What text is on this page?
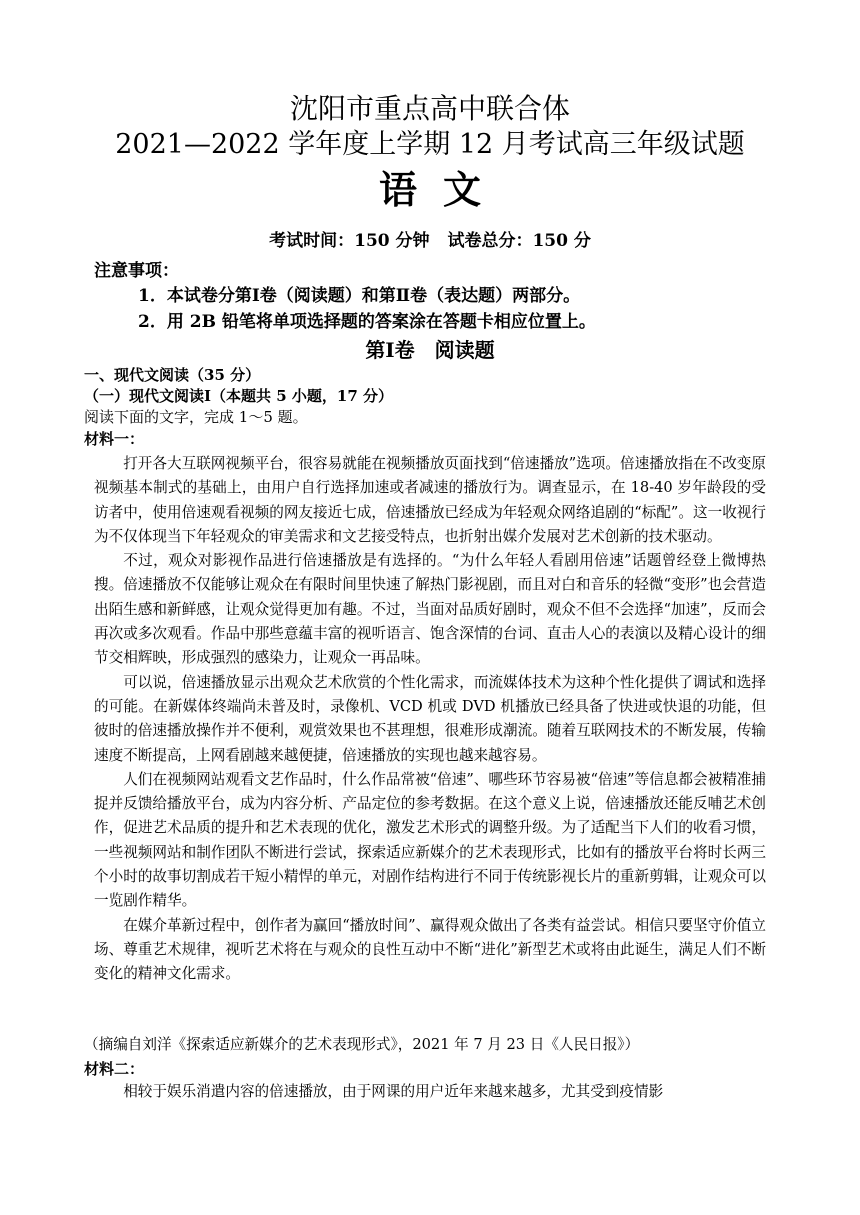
沈阳市重点高中联合体
2021—2022 学年度上学期 12 月考试高三年级试题
语文
考试时间：150 分钟 试卷总分：150 分
注意事项：
1．本试卷分第Ⅰ卷（阅读题）和第Ⅱ卷（表达题）两部分。
2．用 2B 铅笔将单项选择题的答案涂在答题卡相应位置上。
第Ⅰ卷　阅读题
一、现代文阅读（35 分）
（一）现代文阅读Ⅰ（本题共 5 小题，17 分）
阅读下面的文字，完成 1～5 题。
材料一：

打开各大互联网视频平台，很容易就能在视频播放页面找到“倍速播放”选项。倍速播放指在不改变原视频基本制式的基础上，由用户自行选择加速或者减速的播放行为。调查显示，在 18-40 岁年龄段的受访者中，使用倍速观看视频的网友接近七成，倍速播放已经成为年轻观众网络追剧的“标配”。这一收视行为不仅体现当下年轻观众的审美需求和文艺接受特点，也折射出媒介发展对艺术创新的技术驱动。

不过，观众对影视作品进行倍速播放是有选择的。“为什么年轻人看剧用倍速”话题曾经登上微博热搜。倍速播放不仅能够让观众在有限时间里快速了解热门影视剧，而且对白和音乐的轻微“变形”也会营造出陌生感和新鲜感，让观众觉得更加有趣。不过，当面对品质好剧时，观众不但不会选择“加速”，反而会再次或多次观看。作品中那些意蕴丰富的视听语言、饱含深情的台词、直击人心的表演以及精心设计的细节交相辉映，形成强烈的感染力，让观众一再品味。

可以说，倍速播放显示出观众艺术欣赏的个性化需求，而流媒体技术为这种个性化提供了调试和选择的可能。在新媒体终端尚未普及时，录像机、VCD 机或 DVD 机播放已经具备了快进或快退的功能，但彼时的倍速播放操作并不便利，观赏效果也不甚理想，很难形成潮流。随着互联网技术的不断发展，传输速度不断提高，上网看剧越来越便捷，倍速播放的实现也越来越容易。

人们在视频网站观看文艺作品时，什么作品常被“倍速”、哪些环节容易被“倍速”等信息都会被精准捕捉并反馈给播放平台，成为内容分析、产品定位的参考数据。在这个意义上说，倍速播放还能反哺艺术创作，促进艺术品质的提升和艺术表现的优化，激发艺术形式的调整升级。为了适配当下人们的收看习惯，一些视频网站和制作团队不断进行尝试，探索适应新媒介的艺术表现形式，比如有的播放平台将时长两三个小时的故事切割成若干短小精悍的单元，对剧作结构进行不同于传统影视长片的重新剪辑，让观众可以一览剧作精华。

在媒介革新过程中，创作者为赢回“播放时间”、赢得观众做出了各类有益尝试。相信只要坚守价值立场、尊重艺术规律，视听艺术将在与观众的良性互动中不断“进化”新型艺术或将由此诞生，满足人们不断变化的精神文化需求。

（摘编自刘洋《探索适应新媒介的艺术表现形式》，2021 年 7 月 23 日《人民日报》）
材料二：

相较于娱乐消遣内容的倍速播放，由于网课的用户近年来越来越多，尤其受到疫情影
